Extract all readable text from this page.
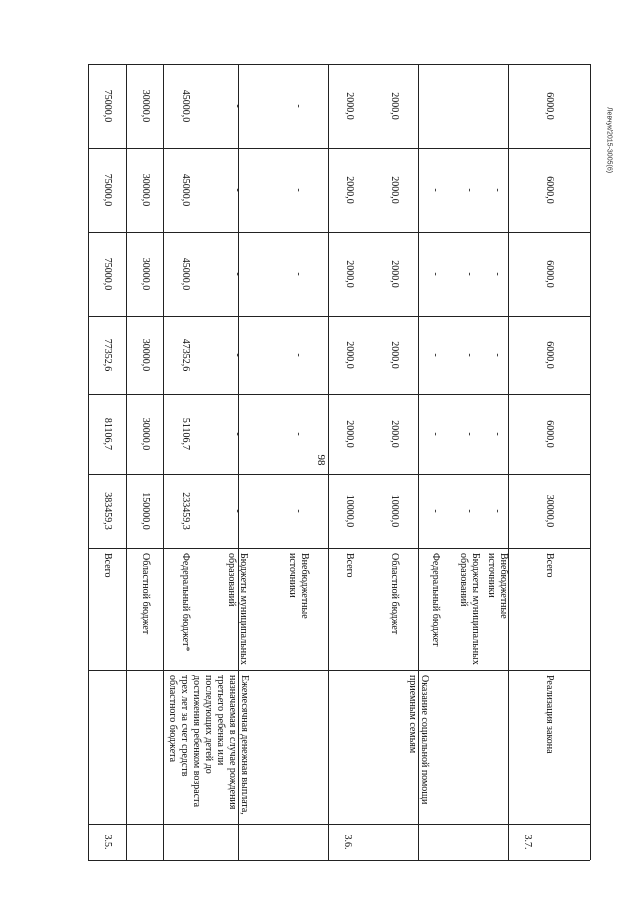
98
Левчук/2015-3005(6)
3.5.
Ежемесячная денежная выплата, назначаемая в случае рождения третьего ребенка или последующих детей до достижения ребенком возраста трех лет за счет средств областного бюджета
Всего
383459,3
81106,7
77352,6
75000,0
75000,0
75000,0
Областной бюджет
150000,0
30000,0
30000,0
30000,0
30000,0
30000,0
Федеральный бюджет*
233459,3
51106,7
47352,6
45000,0
45000,0
45000,0
Бюджеты муниципальных образований
-
-
-
-
-
-
Внебюджетные источники
-
-
-
-
-
-
3.6.
Оказание социальной помощи приемным семьям
Всего
10000,0
2000,0
2000,0
2000,0
2000,0
2000,0
Областной бюджет
10000,0
2000,0
2000,0
2000,0
2000,0
2000,0
Федеральный бюджет
-
-
-
-
-
Бюджеты муниципальных образований
-
-
-
-
-
Внебюджетные источники
-
-
-
-
-
3.7.
Реализация закона
Всего
30000,0
6000,0
6000,0
6000,0
6000,0
6000,0
